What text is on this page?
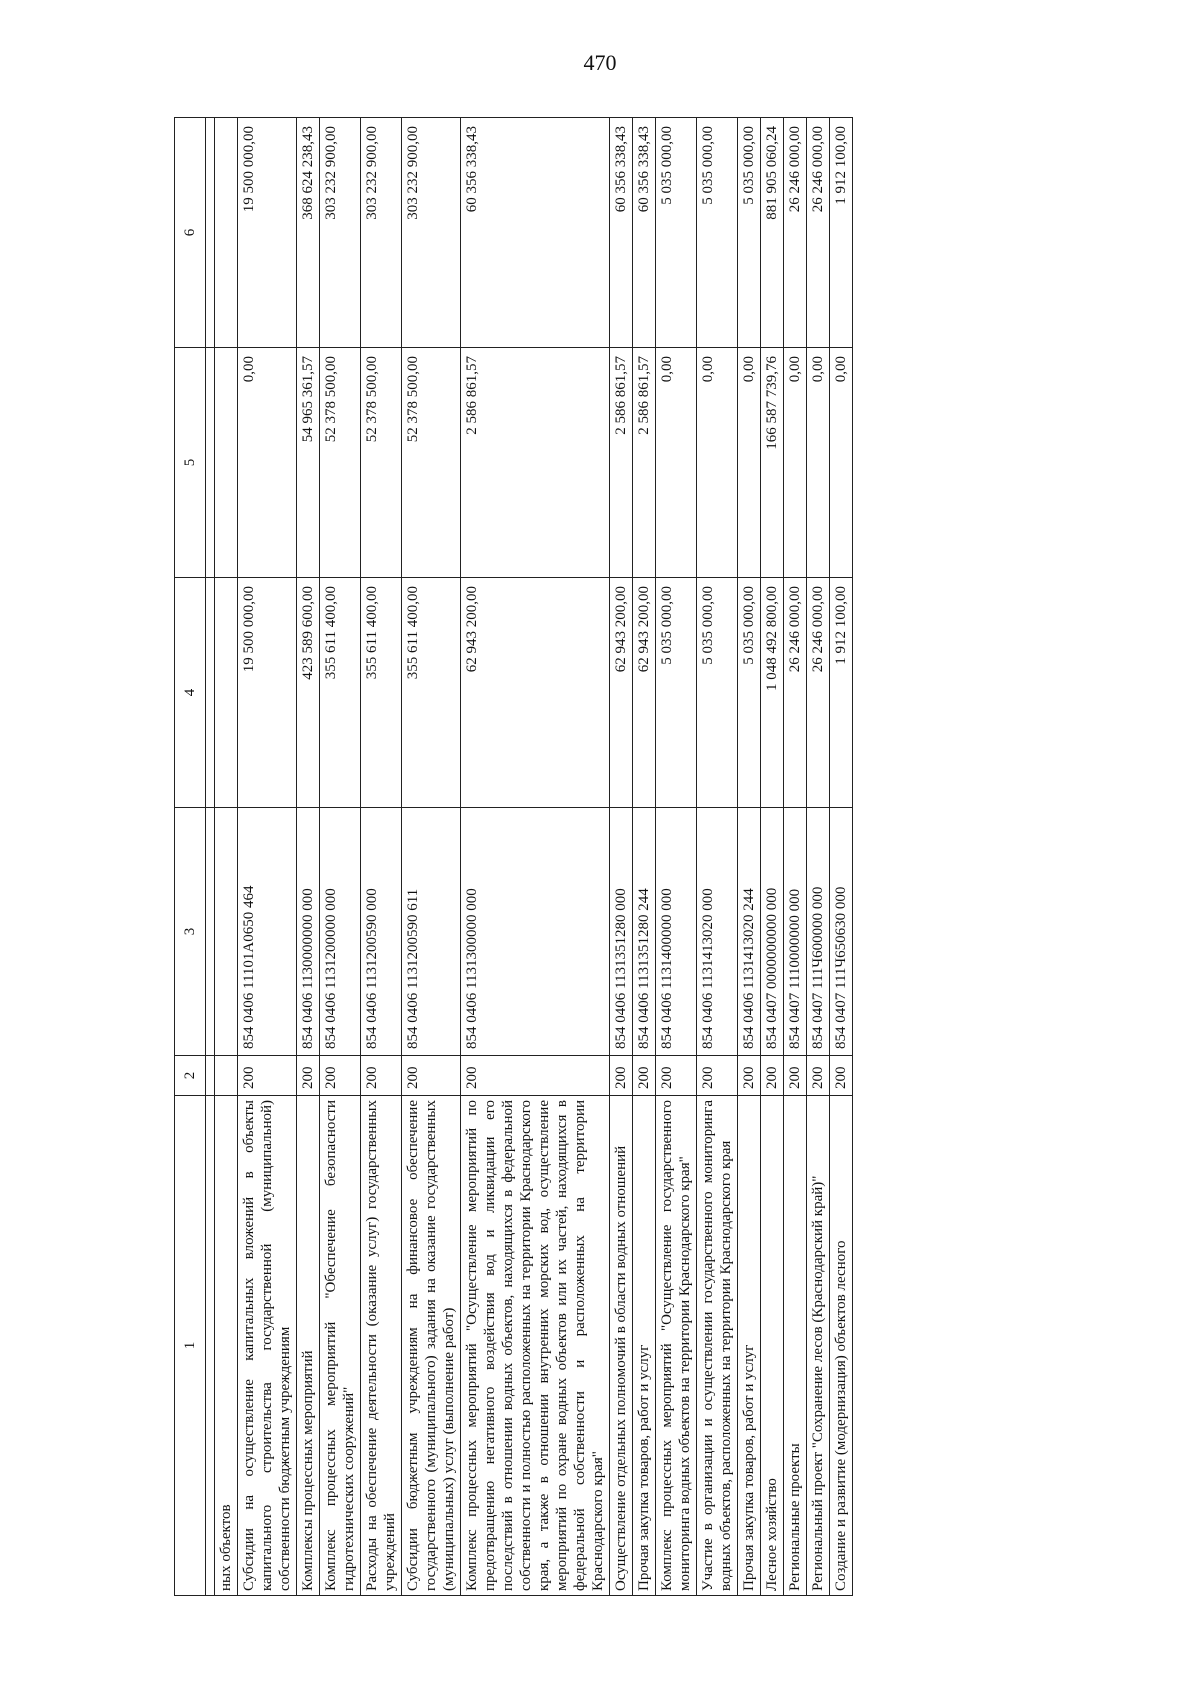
470
1	2	3	4	5	6

ных объектов					
Субсидии на осуществление капитальных вложений в объекты капитального строительства государственной (муниципальной) собственности бюджетным учреждениям	200	854 0406 11101А0650 464	19 500 000,00	0,00	19 500 000,00
Комплексы процессных мероприятий	200	854 0406 1130000000 000	423 589 600,00	54 965 361,57	368 624 238,43
Комплекс процессных мероприятий "Обеспечение безопасности гидротехнических сооружений"	200	854 0406 1131200000 000	355 611 400,00	52 378 500,00	303 232 900,00
Расходы на обеспечение деятельности (оказание услуг) государственных учреждений	200	854 0406 1131200590 000	355 611 400,00	52 378 500,00	303 232 900,00
Субсидии бюджетным учреждениям на финансовое обеспечение государственного (муниципального) задания на оказание государственных (муниципальных) услуг (выполнение работ)	200	854 0406 1131200590 611	355 611 400,00	52 378 500,00	303 232 900,00
Комплекс процессных мероприятий "Осуществление мероприятий по предотвращению негативного воздействия вод и ликвидации его последствий в отношении водных объектов, находящихся в федеральной собственности и полностью расположенных на территории Краснодарского края, а также в отношении внутренних морских вод, осуществление мероприятий по охране водных объектов или их частей, находящихся в федеральной собственности и расположенных на территории Краснодарского края"	200	854 0406 1131300000 000	62 943 200,00	2 586 861,57	60 356 338,43
Осуществление отдельных полномочий в области водных отношений	200	854 0406 1131351280 000	62 943 200,00	2 586 861,57	60 356 338,43
Прочая закупка товаров, работ и услуг	200	854 0406 1131351280 244	62 943 200,00	2 586 861,57	60 356 338,43
Комплекс процессных мероприятий "Осуществление государственного мониторинга водных объектов на территории Краснодарского края"	200	854 0406 1131400000 000	5 035 000,00	0,00	5 035 000,00
Участие в организации и осуществлении государственного мониторинга водных объектов, расположенных на территории Краснодарского края	200	854 0406 1131413020 000	5 035 000,00	0,00	5 035 000,00
Прочая закупка товаров, работ и услуг	200	854 0406 1131413020 244	5 035 000,00	0,00	5 035 000,00
Лесное хозяйство	200	854 0407 0000000000 000	1 048 492 800,00	166 587 739,76	881 905 060,24
Региональные проекты	200	854 0407 1110000000 000	26 246 000,00	0,00	26 246 000,00
Региональный проект "Сохранение лесов (Краснодарский край)"	200	854 0407 111Ч600000 000	26 246 000,00	0,00	26 246 000,00
Создание и развитие (модернизация) объектов лесного	200	854 0407 111Ч650630 000	1 912 100,00	0,00	1 912 100,00
